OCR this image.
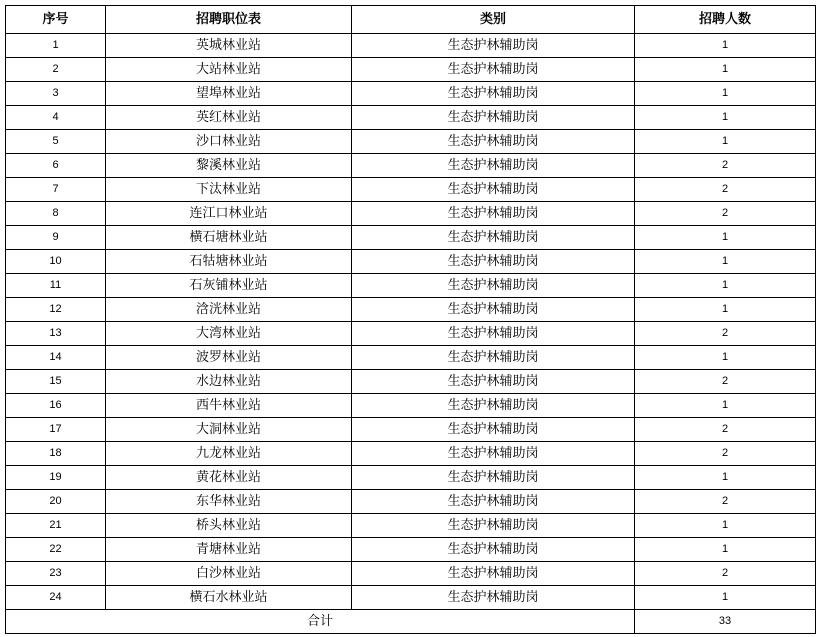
序号	招聘职位表	类别	招聘人数
1	英城林业站	生态护林辅助岗	1
2	大站林业站	生态护林辅助岗	1
3	望埠林业站	生态护林辅助岗	1
4	英红林业站	生态护林辅助岗	1
5	沙口林业站	生态护林辅助岗	1
6	黎溪林业站	生态护林辅助岗	2
7	下汰林业站	生态护林辅助岗	2
8	连江口林业站	生态护林辅助岗	2
9	横石塘林业站	生态护林辅助岗	1
10	石牯塘林业站	生态护林辅助岗	1
11	石灰铺林业站	生态护林辅助岗	1
12	浛洸林业站	生态护林辅助岗	1
13	大湾林业站	生态护林辅助岗	2
14	波罗林业站	生态护林辅助岗	1
15	水边林业站	生态护林辅助岗	2
16	西牛林业站	生态护林辅助岗	1
17	大洞林业站	生态护林辅助岗	2
18	九龙林业站	生态护林辅助岗	2
19	黄花林业站	生态护林辅助岗	1
20	东华林业站	生态护林辅助岗	2
21	桥头林业站	生态护林辅助岗	1
22	青塘林业站	生态护林辅助岗	1
23	白沙林业站	生态护林辅助岗	2
24	横石水林业站	生态护林辅助岗	1
合计			33
